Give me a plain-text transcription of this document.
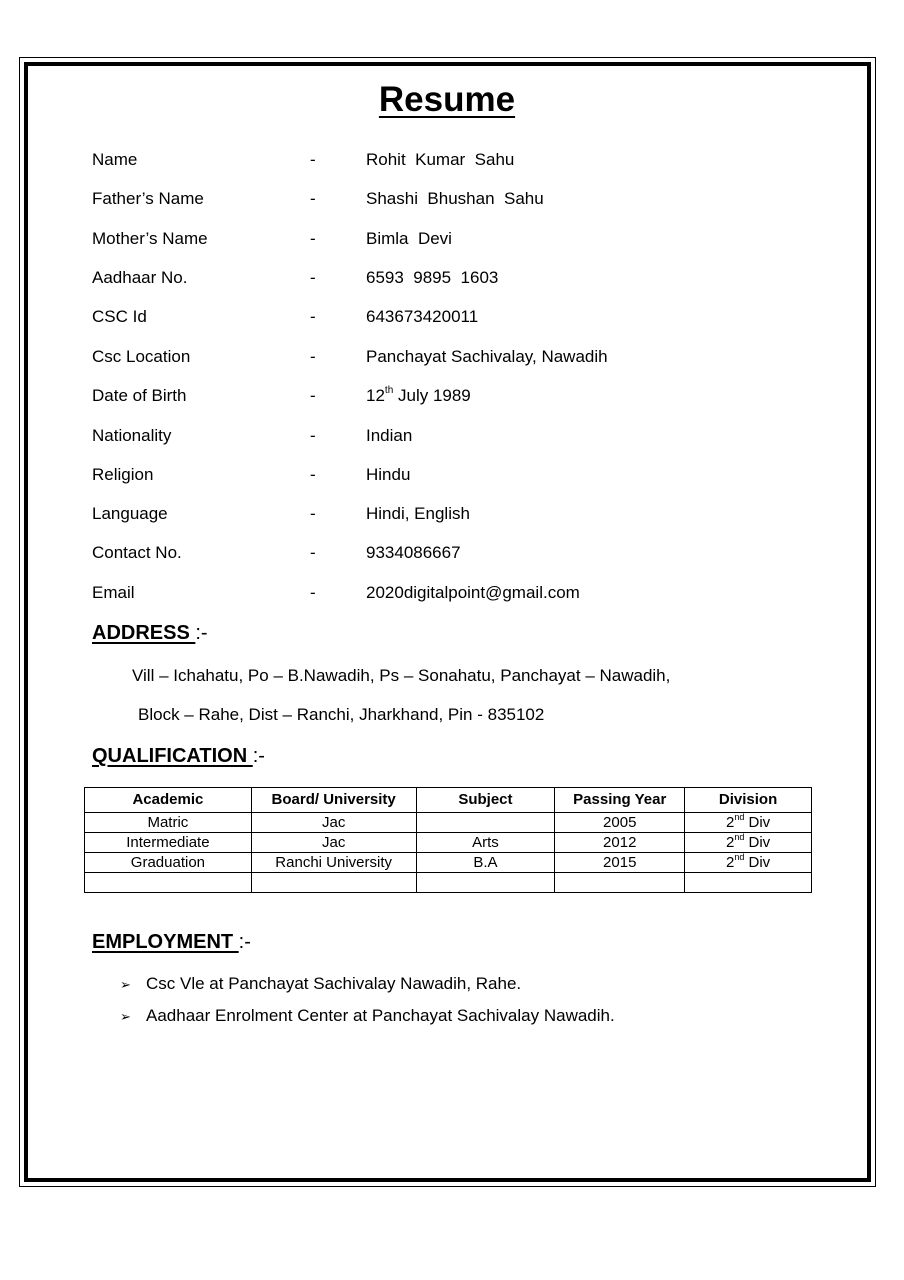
Resume
Name	-	Rohit  Kumar  Sahu
Father’s Name	-	Shashi  Bhushan  Sahu
Mother’s Name	-	Bimla  Devi
Aadhaar No.	-	6593  9895  1603
CSC Id	-	643673420011
Csc Location	-	Panchayat Sachivalay, Nawadih
Date of Birth	-	12th July 1989
Nationality	-	Indian
Religion	-	Hindu
Language	-	Hindi, English
Contact No.	-	9334086667
Email	-	2020digitalpoint@gmail.com
ADDRESS :-
Vill – Ichahatu, Po – B.Nawadih, Ps – Sonahatu, Panchayat – Nawadih,
Block – Rahe, Dist – Ranchi, Jharkhand, Pin - 835102
QUALIFICATION :-
Academic	Board/ University	Subject	Passing Year	Division
Matric	Jac		2005	2nd Div
Intermediate	Jac	Arts	2012	2nd Div
Graduation	Ranchi University	B.A	2015	2nd Div

EMPLOYMENT :-
➢ Csc Vle at Panchayat Sachivalay Nawadih, Rahe.
➢ Aadhaar Enrolment Center at Panchayat Sachivalay Nawadih.
